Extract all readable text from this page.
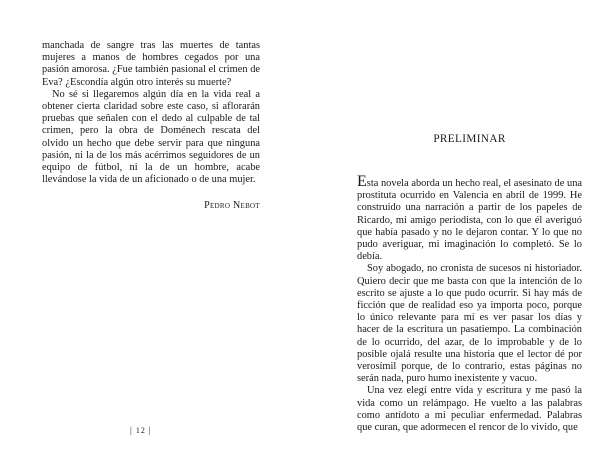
manchada de sangre tras las muertes de tantas mujeres a manos de hombres cegados por una pasión amorosa. ¿Fue también pasional el crimen de Eva? ¿Escondía algún otro interés su muerte?

No sé si llegaremos algún día en la vida real a obtener cierta claridad sobre este caso, si aflorarán pruebas que señalen con el dedo al culpable de tal crimen, pero la obra de Doménech rescata del olvido un hecho que debe servir para que ninguna pasión, ni la de los más acérrimos seguidores de un equipo de fútbol, ni la de un hombre, acabe llevándose la vida de un aficionado o de una mujer.

Pedro Nebot
| 12 |
PRELIMINAR

Esta novela aborda un hecho real, el asesinato de una prostituta ocurrido en Valencia en abril de 1999. He construido una narración a partir de los papeles de Ricardo, mi amigo periodista, con lo que él averiguó que había pasado y no le dejaron contar. Y lo que no pudo averiguar, mi imaginación lo completó. Se lo debía.

Soy abogado, no cronista de sucesos ni historiador. Quiero decir que me basta con que la intención de lo escrito se ajuste a lo que pudo ocurrir. Si hay más de ficción que de realidad eso ya importa poco, porque lo único relevante para mí es ver pasar los días y hacer de la escritura un pasatiempo. La combinación de lo ocurrido, del azar, de lo improbable y de lo posible ojalá resulte una historia que el lector dé por verosímil porque, de lo contrario, estas páginas no serán nada, puro humo inexistente y vacuo.

Una vez elegí entre vida y escritura y me pasó la vida como un relámpago. He vuelto a las palabras como antídoto a mi peculiar enfermedad. Palabras que curan, que adormecen el rencor de lo vivido, que
